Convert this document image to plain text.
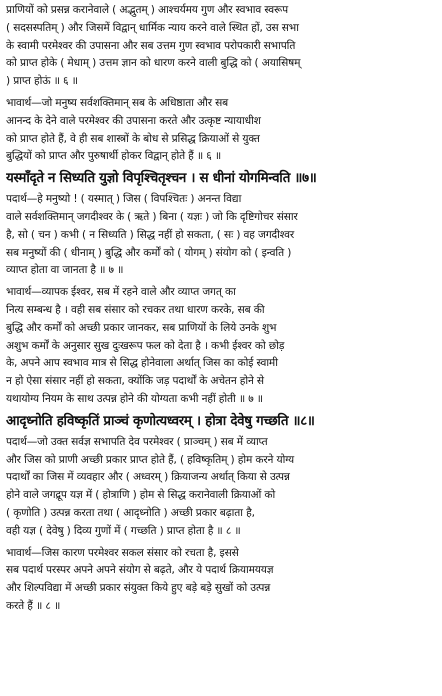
प्राणियों को प्रसन्न करानेवाले ( अद्भुतम् ) आश्चर्यमय गुण और स्वभाव स्वरूप
( सदसस्पतिम् ) और जिसमें विद्वान् धार्मिक न्याय करने वाले स्थित हों, उस सभा
के स्वामी परमेश्वर की उपासना और सब उत्तम गुण स्वभाव परोपकारी सभापति
को प्राप्त होके ( मेधाम् ) उत्तम ज्ञान को धारण करने वाली बुद्धि को ( अयासिषम्
) प्राप्त होऊं ॥ ६ ॥
भावार्थ—जो मनुष्य सर्वशक्तिमान् सब के अधिष्ठाता और सब
आनन्द के देने वाले परमेश्वर की उपासना करते और उत्कृष्ट न्यायाधीश
को प्राप्त होते हैं, वे ही सब शास्त्रों के बोध से प्रसिद्ध क्रियाओं से युक्त
बुद्धियों को प्राप्त और पुरुषार्थी होकर विद्वान् होते हैं ॥ ६ ॥
यस्माँदृते न सिध्यति युज्ञो विपृश्चितृश्चन । स धीनां योगमिन्वति ॥७॥
पदार्थ—हे मनुष्यो ! ( यस्मात् ) जिस ( विपश्चितः ) अनन्त विद्या
वाले सर्वशक्तिमान् जगदीश्वर के ( ऋते ) बिना ( यज्ञः ) जो कि दृष्टिगोचर संसार
है, सो ( चन ) कभी ( न सिध्यति ) सिद्ध नहीं हो सकता, ( सः ) वह जगदीश्वर
सब मनुष्यों की ( धीनाम् ) बुद्धि और कर्मों को ( योगम् ) संयोग को ( इन्वति )
व्याप्त होता वा जानता है ॥ ७ ॥
भावार्थ—व्यापक ईश्वर, सब में रहने वाले और व्याप्त जगत् का
नित्य सम्बन्ध है । वही सब संसार को रचकर तथा धारण करके, सब की
बुद्धि और कर्मों को अच्छी प्रकार जानकर, सब प्राणियों के लिये उनके शुभ
अशुभ कर्मों के अनुसार सुख दुःखरूप फल को देता है । कभी ईश्वर को छोड़
के, अपने आप स्वभाव मात्र से सिद्ध होनेवाला अर्थात् जिस का कोई स्वामी
न हो ऐसा संसार नहीं हो सकता, क्योंकि जड़ पदार्थों के अचेतन होने से
यथायोग्य नियम के साथ उत्पन्न होने की योग्यता कभी नहीं होती ॥ ७ ॥
आदृध्नोति हविष्कृतिं प्राञ्चं कृणोत्यध्वरम् । होत्रा देवेषु गच्छति ॥८॥
पदार्थ—जो उक्त सर्वज्ञ सभापति देव परमेश्वर ( प्राञ्चम् ) सब में व्याप्त
और जिस को प्राणी अच्छी प्रकार प्राप्त होते हैं, ( हविष्कृतिम् ) होम करने योग्य
पदार्थों का जिस में व्यवहार और ( अध्वरम् ) क्रियाजन्य अर्थात् किया से उत्पन्न
होने वाले जगद्रूप यज्ञ में ( होत्राणि ) होम से सिद्ध करानेवाली क्रियाओं को
( कृणोति ) उत्पन्न करता तथा ( आदृध्नोति ) अच्छी प्रकार बढ़ाता है,
वही यज्ञ ( देवेषु ) दिव्य गुणों में ( गच्छति ) प्राप्त होता है ॥ ८ ॥
भावार्थ—जिस कारण परमेश्वर सकल संसार को रचता है, इससे
सब पदार्थ परस्पर अपने अपने संयोग से बढ़ते, और ये पदार्थ क्रियामययज्ञ
और शिल्पविद्या में अच्छी प्रकार संयुक्त किये हुए बड़े बड़े सुखों को उत्पन्न
करते हैं ॥ ८ ॥
